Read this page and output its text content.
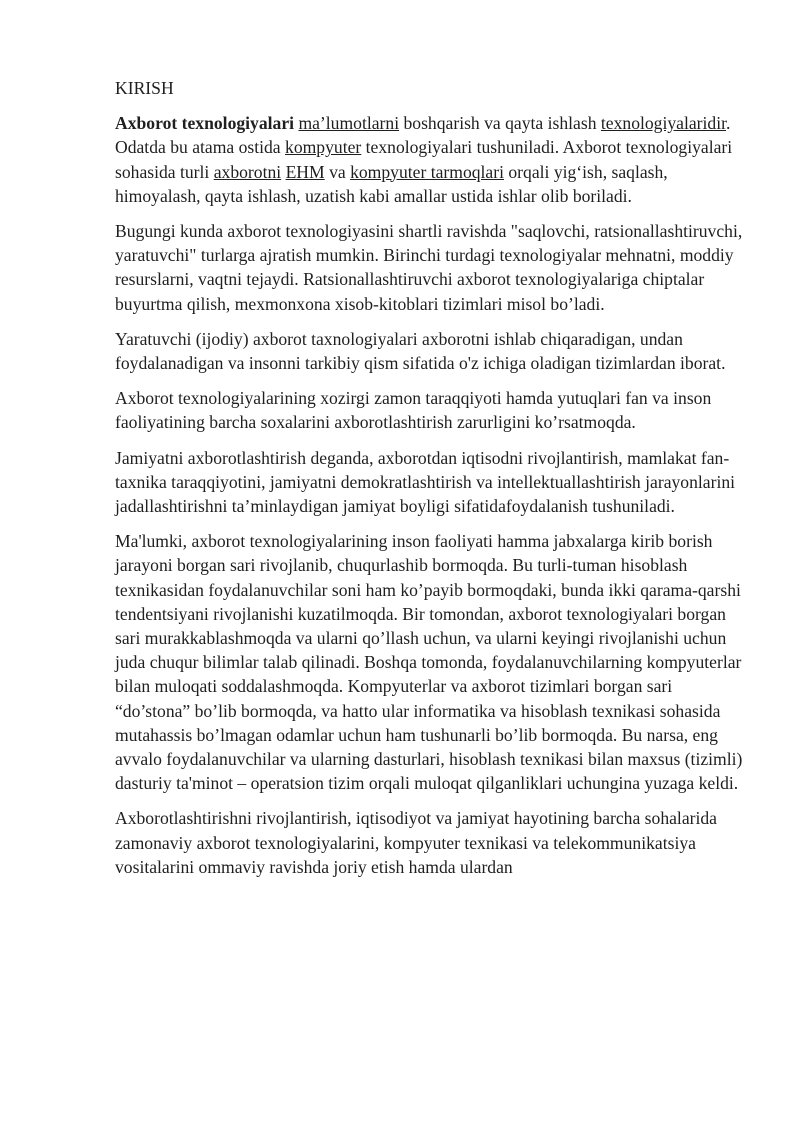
KIRISH

Axborot texnologiyalari ma’lumotlarni boshqarish va qayta ishlash texnologiyalaridir. Odatda bu atama ostida kompyuter texnologiyalari tushuniladi. Axborot texnologiyalari sohasida turli axborotni EHM va kompyuter tarmoqlari orqali yig‘ish, saqlash, himoyalash, qayta ishlash, uzatish kabi amallar ustida ishlar olib boriladi.

Bugungi kunda axborot texnologiyasini shartli ravishda "saqlovchi, ratsionallashtiruvchi, yaratuvchi" turlarga ajratish mumkin. Birinchi turdagi texnologiyalar mehnatni, moddiy resurslarni, vaqtni tejaydi. Ratsionallashtiruvchi axborot texnologiyalariga chiptalar buyurtma qilish, mexmonxona xisob-kitoblari tizimlari misol bo’ladi.

Yaratuvchi (ijodiy) axborot taxnologiyalari axborotni ishlab chiqaradigan, undan foydalanadigan va insonni tarkibiy qism sifatida o'z ichiga oladigan tizimlardan iborat.

Axborot texnologiyalarining xozirgi zamon taraqqiyoti hamda yutuqlari fan va inson faoliyatining barcha soxalarini axborotlashtirish zarurligini ko’rsatmoqda.

Jamiyatni axborotlashtirish deganda, axborotdan iqtisodni rivojlantirish, mamlakat fan-taxnika taraqqiyotini, jamiyatni demokratlashtirish va intellektuallashtirish jarayonlarini jadallashtirishni ta’minlaydigan jamiyat boyligi sifatidafoydalanish tushuniladi.

Ma'lumki, axborot texnologiyalarining inson faoliyati hamma jabxalarga kirib borish jarayoni borgan sari rivojlanib, chuqurlashib bormoqda. Bu turli-tuman hisoblash texnikasidan foydalanuvchilar soni ham ko’payib bormoqdaki, bunda ikki qarama-qarshi tendentsiyani rivojlanishi kuzatilmoqda. Bir tomondan, axborot texnologiyalari borgan sari murakkablashmoqda va ularni qo’llash uchun, va ularni keyingi rivojlanishi uchun juda chuqur bilimlar talab qilinadi. Boshqa tomonda, foydalanuvchilarning kompyuterlar bilan muloqati soddalashmoqda. Kompyuterlar va axborot tizimlari borgan sari “do’stona” bo’lib bormoqda, va hatto ular informatika va hisoblash texnikasi sohasida mutahassis bo’lmagan odamlar uchun ham tushunarli bo’lib bormoqda. Bu narsa, eng avvalo foydalanuvchilar va ularning dasturlari, hisoblash texnikasi bilan maxsus (tizimli) dasturiy ta'minot – operatsion tizim orqali muloqat qilganliklari uchungina yuzaga keldi.

Axborotlashtirishni rivojlantirish, iqtisodiyot va jamiyat hayotining barcha sohalarida zamonaviy axborot texnologiyalarini, kompyuter texnikasi va telekommunikatsiya vositalarini ommaviy ravishda joriy etish hamda ulardan
